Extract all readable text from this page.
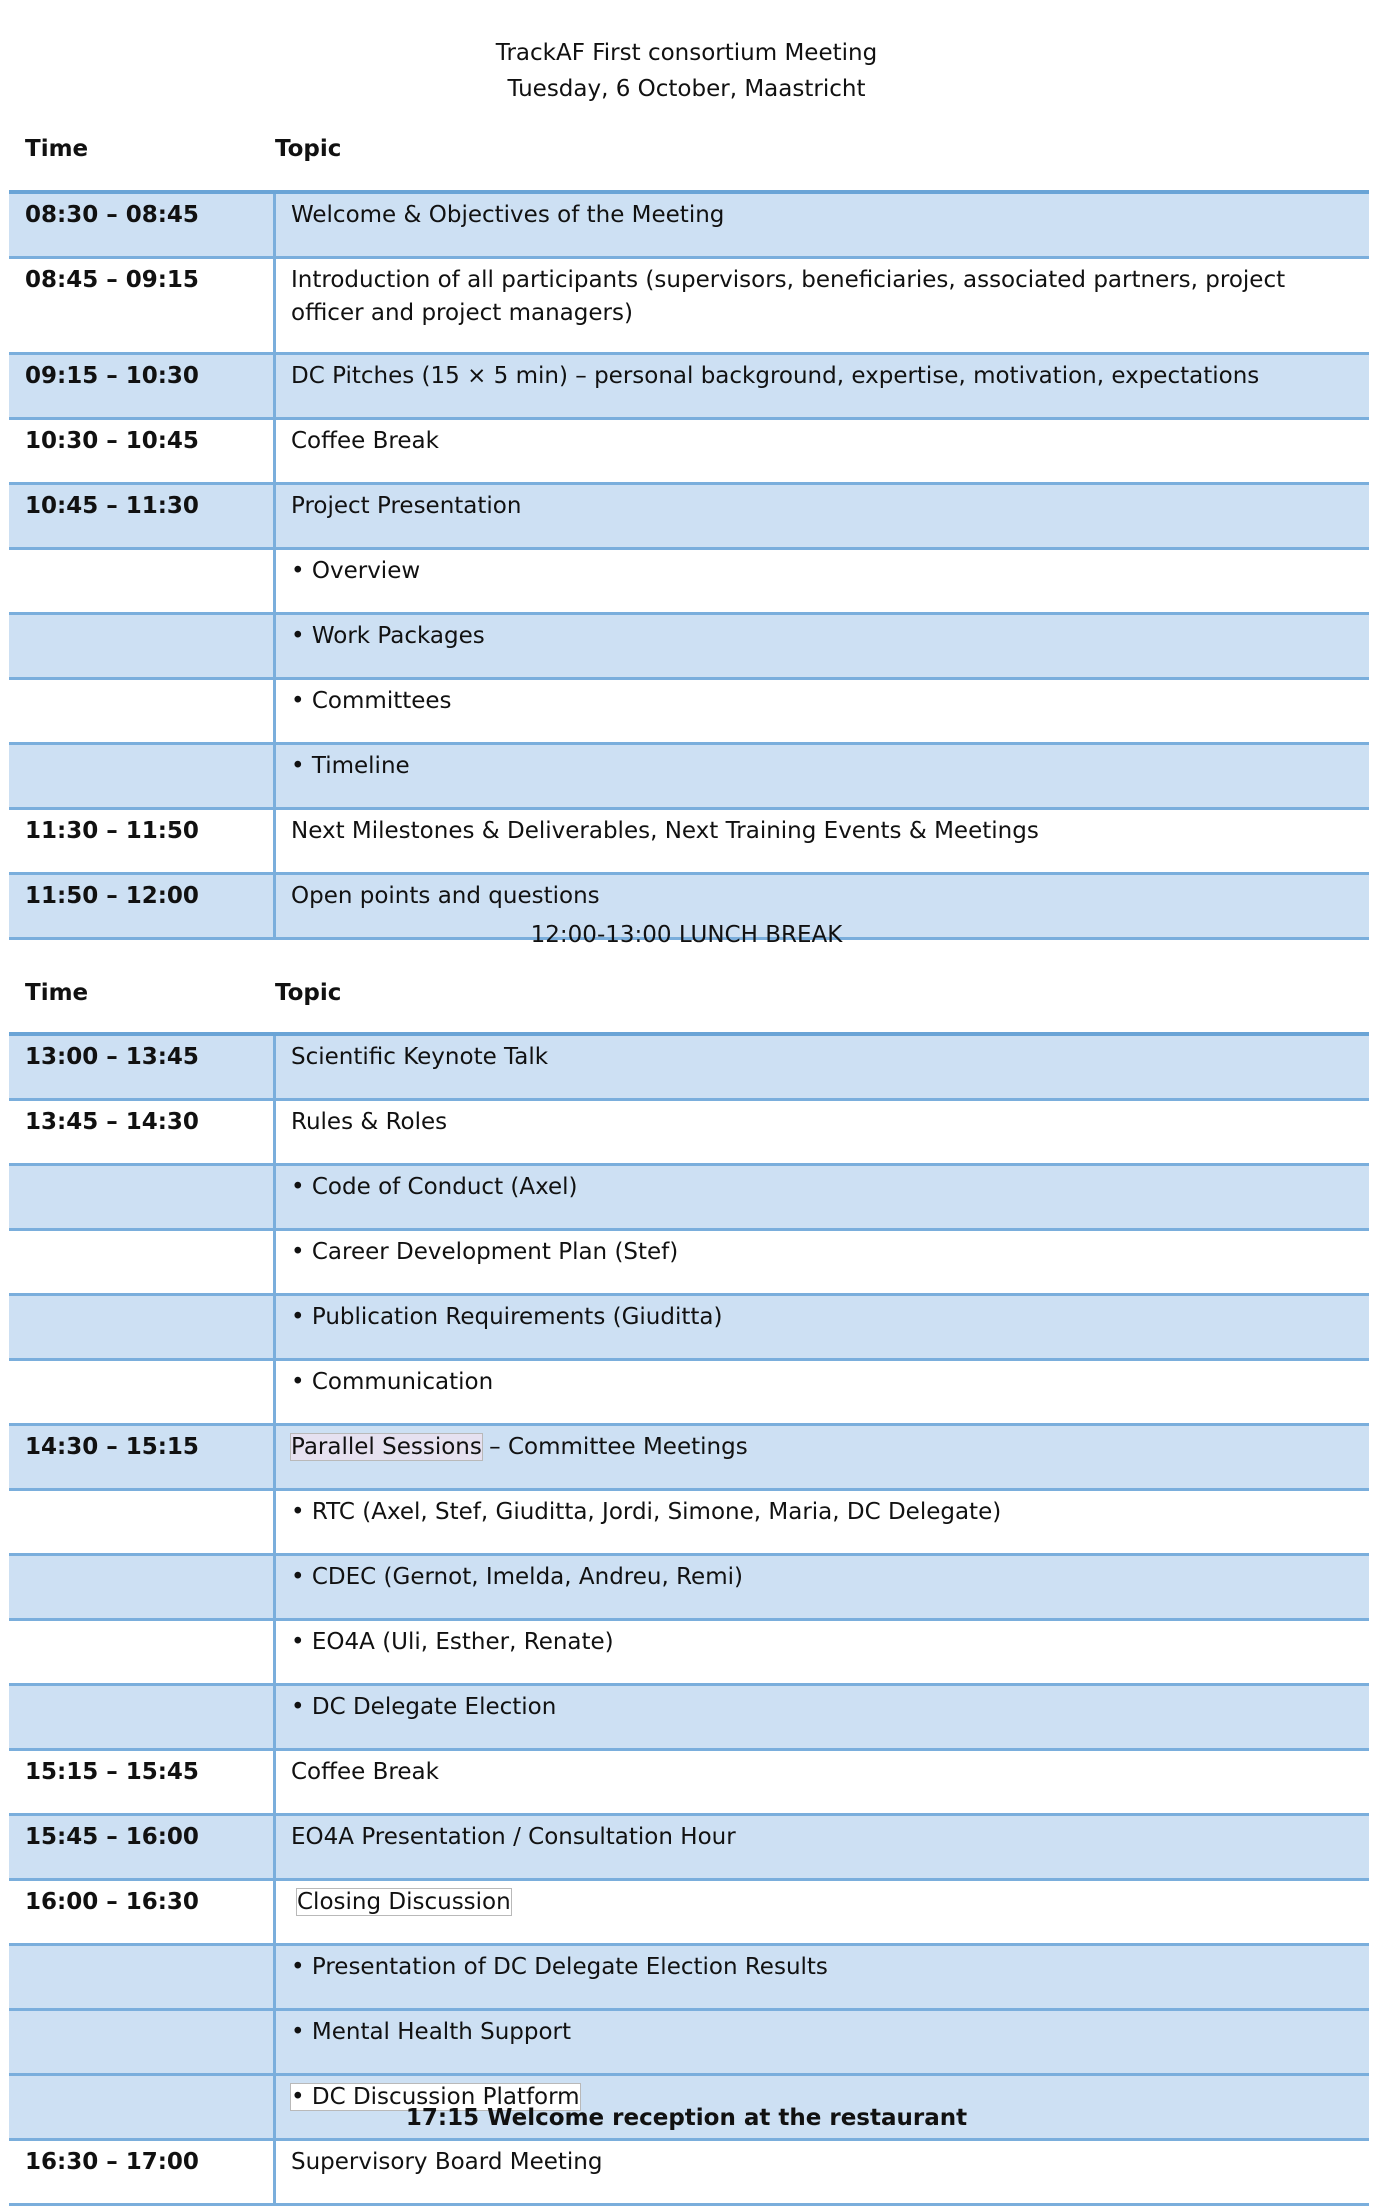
TrackAF First consortium Meeting
Tuesday, 6 October, Maastricht
Time	Topic
08:30 – 08:45	Welcome & Objectives of the Meeting
08:45 – 09:15	Introduction of all participants (supervisors, beneficiaries, associated partners, project officer and project managers)
09:15 – 10:30	DC Pitches (15 × 5 min) – personal background, expertise, motivation, expectations
10:30 – 10:45	Coffee Break
10:45 – 11:30	Project Presentation
	• Overview
	• Work Packages
	• Committees
	• Timeline
11:30 – 11:50	Next Milestones & Deliverables, Next Training Events & Meetings
11:50 – 12:00	Open points and questions
12:00-13:00 LUNCH BREAK
Time	Topic
13:00 – 13:45	Scientific Keynote Talk
13:45 – 14:30	Rules & Roles
	• Code of Conduct (Axel)
	• Career Development Plan (Stef)
	• Publication Requirements (Giuditta)
	• Communication
14:30 – 15:15	Parallel Sessions – Committee Meetings
	• RTC (Axel, Stef, Giuditta, Jordi, Simone, Maria, DC Delegate)
	• CDEC (Gernot, Imelda, Andreu, Remi)
	• EO4A (Uli, Esther, Renate)
	• DC Delegate Election
15:15 – 15:45	Coffee Break
15:45 – 16:00	EO4A Presentation / Consultation Hour
16:00 – 16:30	Closing Discussion
	• Presentation of DC Delegate Election Results
	• Mental Health Support
	• DC Discussion Platform
16:30 – 17:00	Supervisory Board Meeting
17:15 Welcome reception at the restaurant
